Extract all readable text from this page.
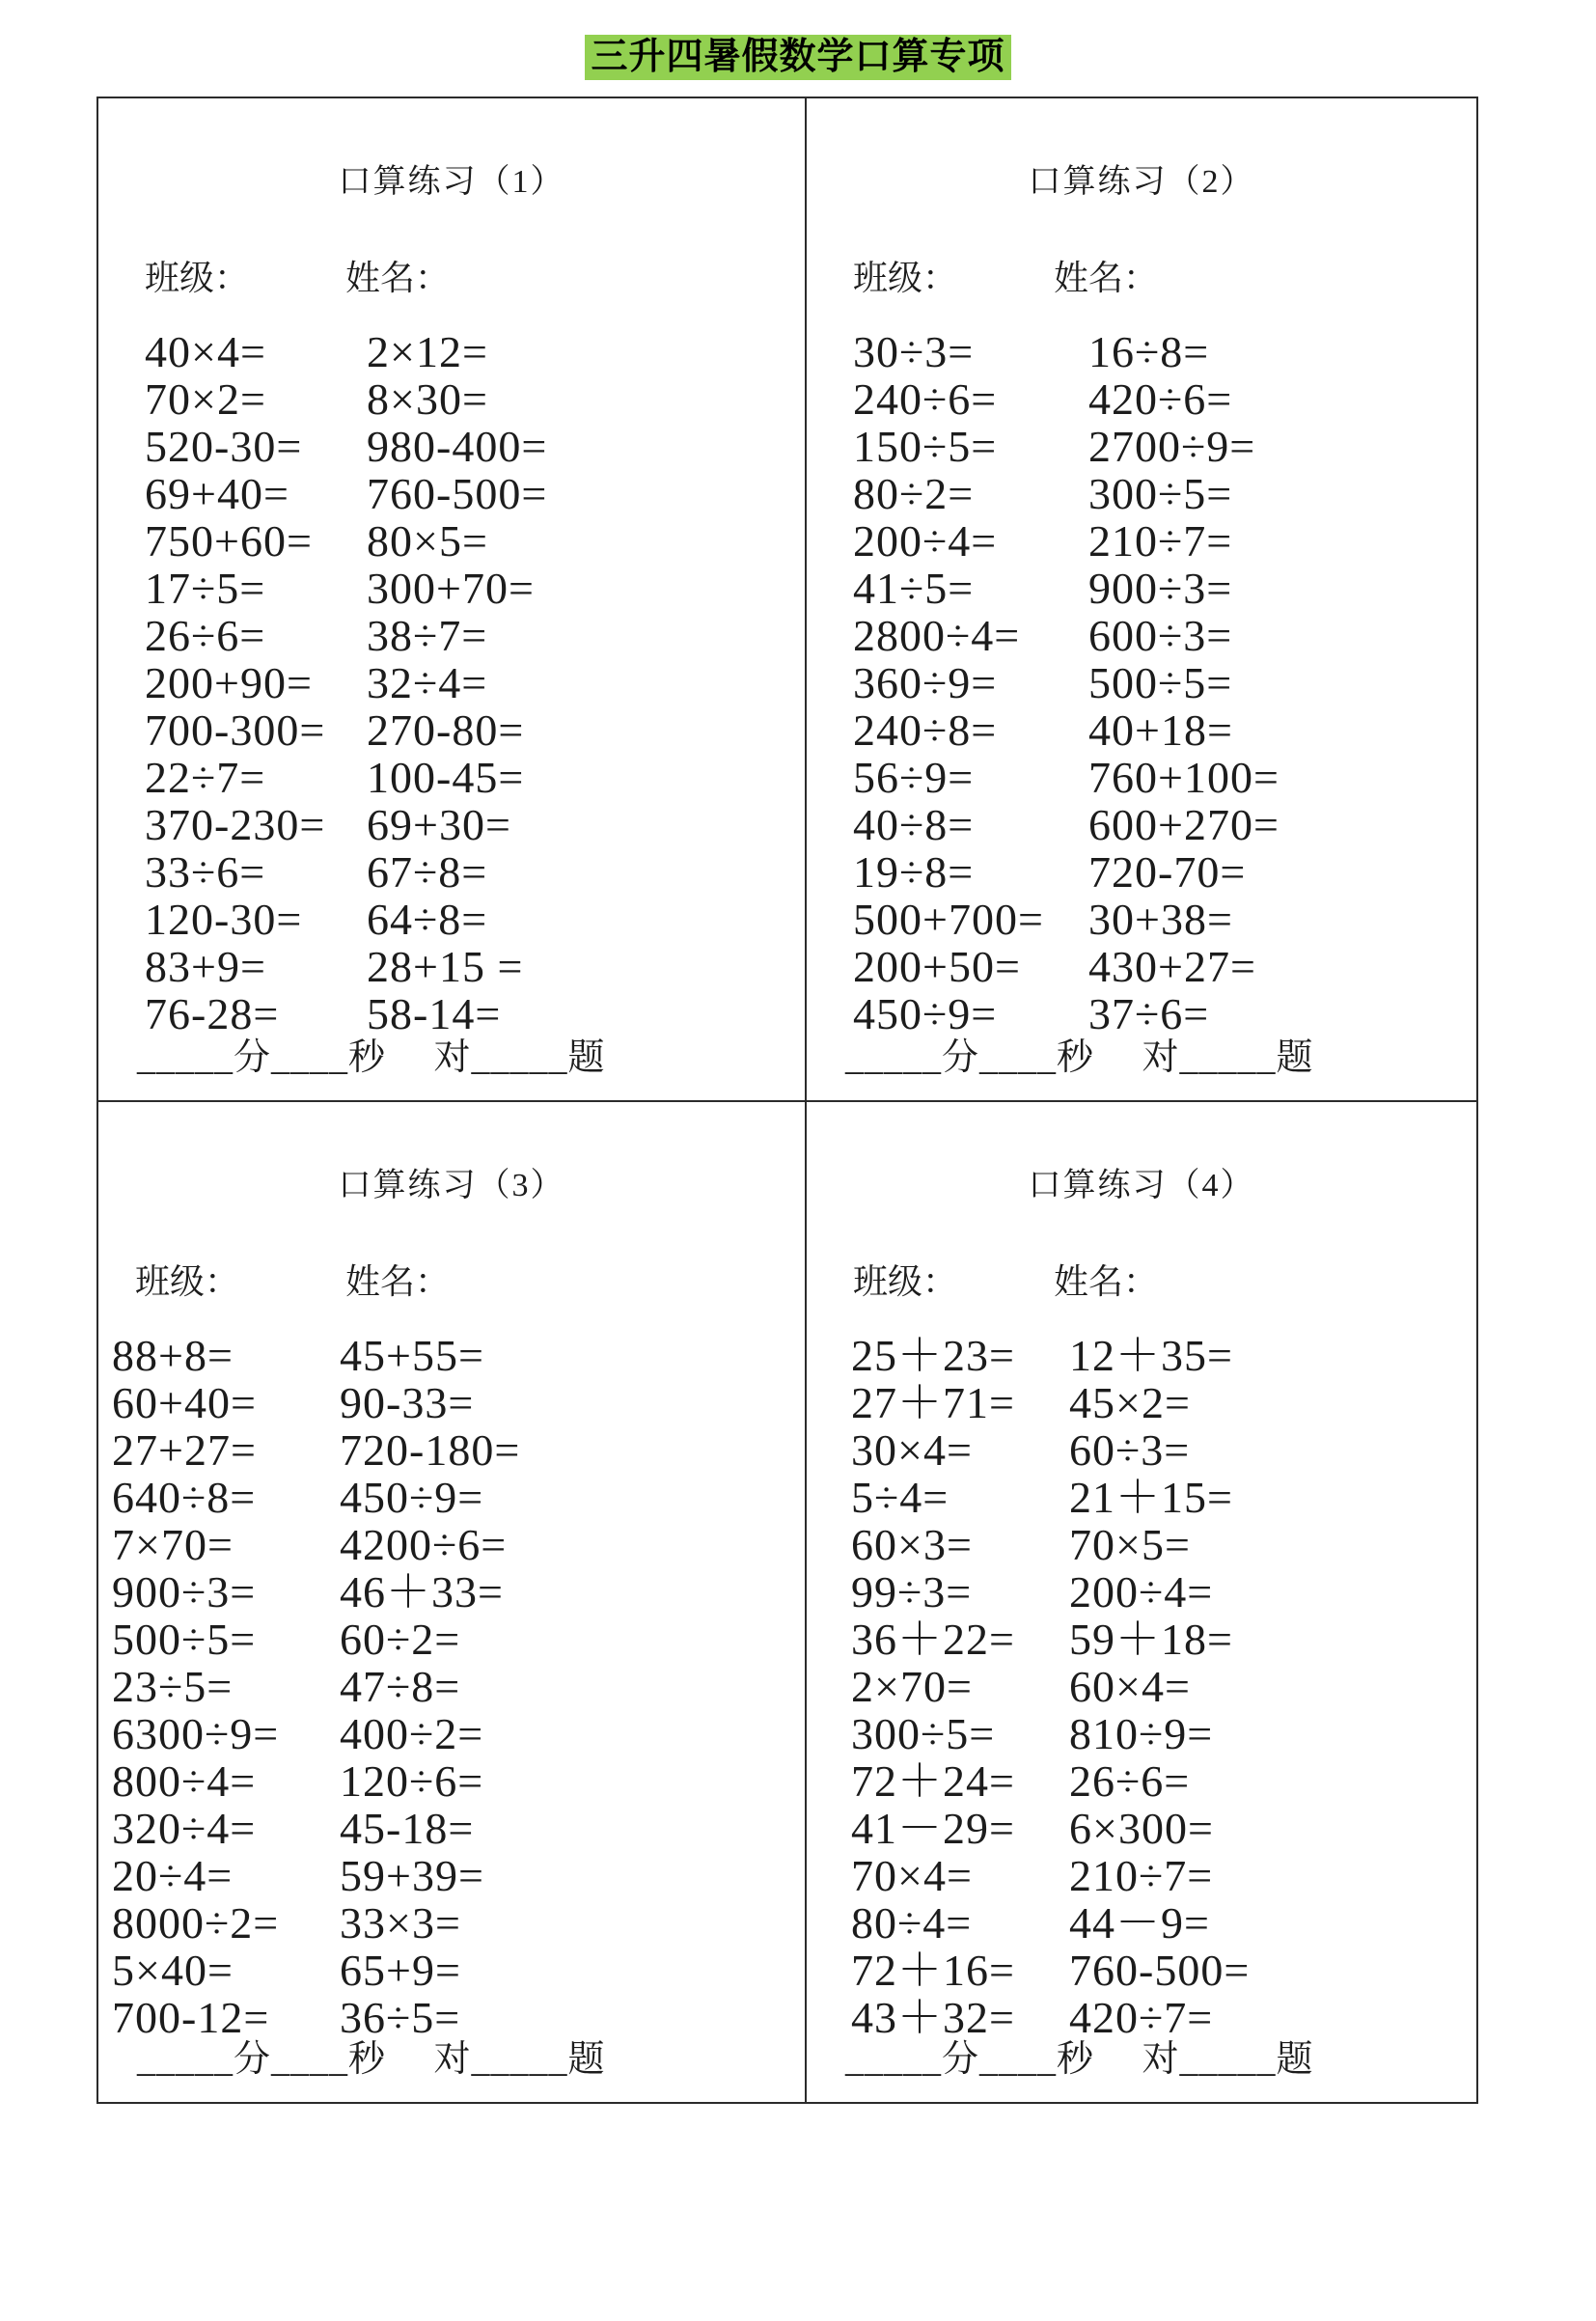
三升四暑假数学口算专项
口算练习（1）
班级：	姓名：
40×4= 2×12=
70×2= 8×30=
520-30= 980-400=
69+40= 760-500=
750+60= 80×5=
17÷5= 300+70=
26÷6= 38÷7=
200+90= 32÷4=
700-300= 270-80=
22÷7= 100-45=
370-230= 69+30=
33÷6= 67÷8=
120-30= 64÷8=
83+9= 28+15 =
76-28= 58-14=
_____分____秒　 对_____题
口算练习（2）
班级：	姓名：
30÷3=	16÷8=
240÷6= 420÷6=
150÷5= 2700÷9=
80÷2=	300÷5=
200÷4= 210÷7=
41÷5=	900÷3=
2800÷4= 600÷3=
360÷9= 500÷5=
240÷8= 40+18=
56÷9=	760+100=
40÷8=	600+270=
19÷8=	720-70=
500+700= 30+38=
200+50= 430+27=
450÷9= 37÷6=
_____分____秒　 对_____题
口算练习（3）
班级：	姓名：
88+8= 45+55=
60+40= 90-33=
27+27= 720-180=
640÷8= 450÷9=
7×70= 4200÷6=
900÷3= 46＋33=
500÷5= 60÷2=
23÷5= 47÷8=
6300÷9= 400÷2=
800÷4= 120÷6=
320÷4= 45-18=
20÷4= 59+39=
8000÷2= 33×3=
5×40= 65+9=
700-12= 36÷5=
_____分____秒　 对_____题
口算练习（4）
班级：	姓名：
25＋23= 12＋35=
27＋71= 45×2=
30×4= 60÷3=
5÷4=	21＋15=
60×3= 70×5=
99÷3= 200÷4=
36＋22= 59＋18=
2×70= 60×4=
300÷5= 810÷9=
72＋24= 26÷6=
41－29= 6×300=
70×4= 210÷7=
80÷4= 44－9=
72＋16= 760-500=
43＋32= 420÷7=
_____分____秒　 对_____题
